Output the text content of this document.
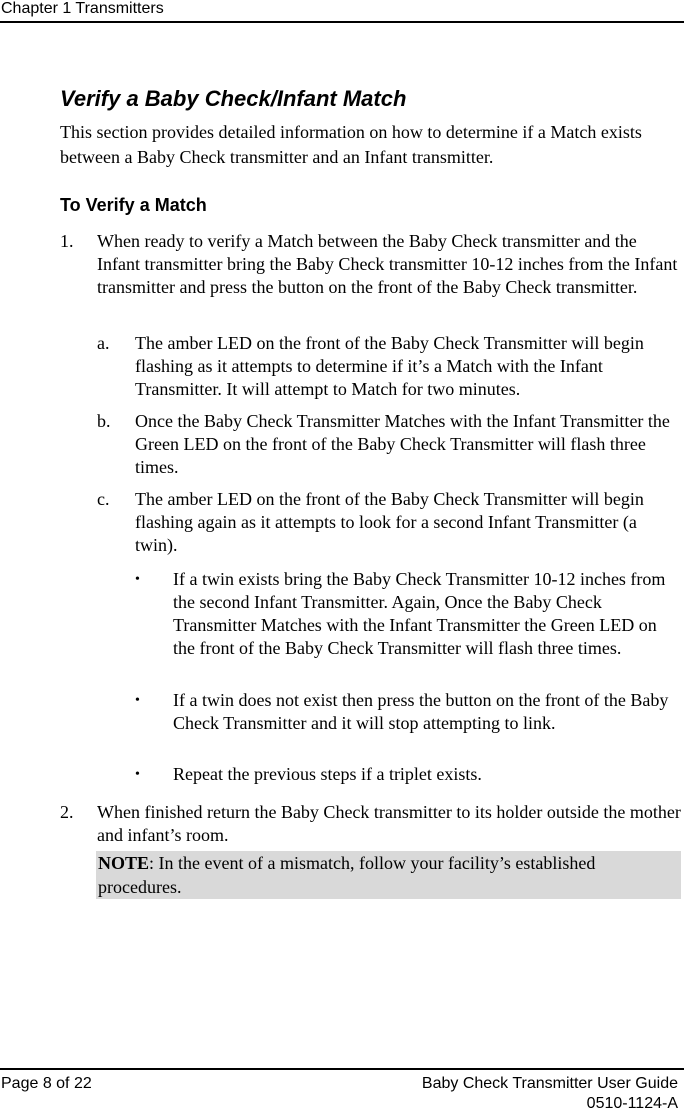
Chapter 1 Transmitters
Verify a Baby Check/Infant Match
This section provides detailed information on how to determine if a Match exists between a Baby Check transmitter and an Infant transmitter.
To Verify a Match
1. When ready to verify a Match between the Baby Check transmitter and the Infant transmitter bring the Baby Check transmitter 10-12 inches from the Infant transmitter and press the button on the front of the Baby Check transmitter.
a. The amber LED on the front of the Baby Check Transmitter will begin flashing as it attempts to determine if it’s a Match with the Infant Transmitter. It will attempt to Match for two minutes.
b. Once the Baby Check Transmitter Matches with the Infant Transmitter the Green LED on the front of the Baby Check Transmitter will flash three times.
c. The amber LED on the front of the Baby Check Transmitter will begin flashing again as it attempts to look for a second Infant Transmitter (a twin).
• If a twin exists bring the Baby Check Transmitter 10-12 inches from the second Infant Transmitter. Again, Once the Baby Check Transmitter Matches with the Infant Transmitter the Green LED on the front of the Baby Check Transmitter will flash three times.
• If a twin does not exist then press the button on the front of the Baby Check Transmitter and it will stop attempting to link.
• Repeat the previous steps if a triplet exists.
2. When finished return the Baby Check transmitter to its holder outside the mother and infant’s room.
NOTE: In the event of a mismatch, follow your facility’s established procedures.
Page 8 of 22	Baby Check Transmitter User Guide
0510-1124-A
